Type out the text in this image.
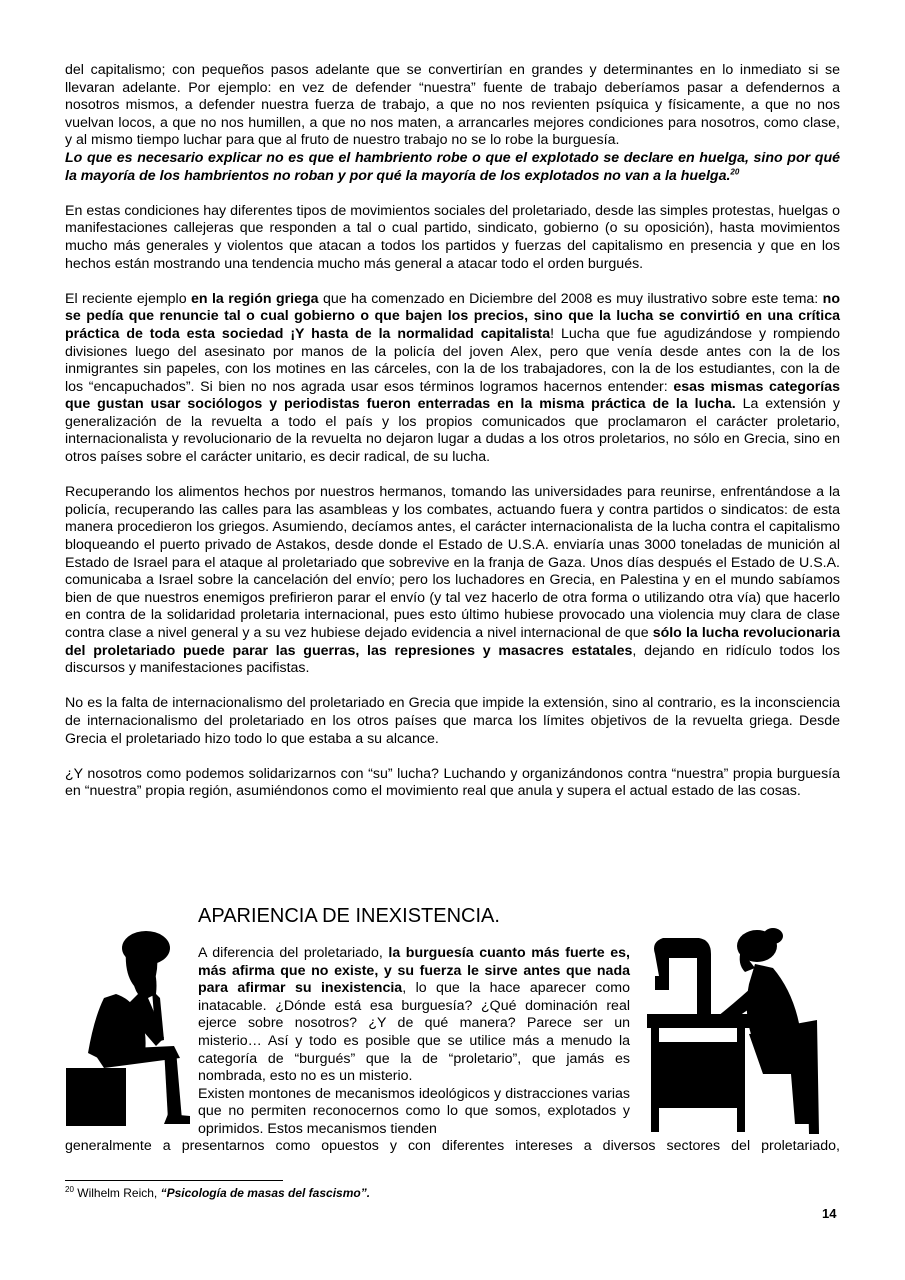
del capitalismo; con pequeños pasos adelante que se convertirían en grandes y determinantes en lo inmediato si se llevaran adelante. Por ejemplo: en vez de defender “nuestra” fuente de trabajo deberíamos pasar a defendernos a nosotros mismos, a defender nuestra fuerza de trabajo, a que no nos revienten psíquica y físicamente, a que no nos vuelvan locos, a que no nos humillen, a que no nos maten, a arrancarles mejores condiciones para nosotros, como clase, y al mismo tiempo luchar para que al fruto de nuestro trabajo no se lo robe la burguesía.

Lo que es necesario explicar no es que el hambriento robe o que el explotado se declare en huelga, sino por qué la mayoría de los hambrientos no roban y por qué la mayoría de los explotados no van a la huelga.$^{20}$

En estas condiciones hay diferentes tipos de movimientos sociales del proletariado, desde las simples protestas, huelgas o manifestaciones callejeras que responden a tal o cual partido, sindicato, gobierno (o su oposición), hasta movimientos mucho más generales y violentos que atacan a todos los partidos y fuerzas del capitalismo en presencia y que en los hechos están mostrando una tendencia mucho más general a atacar todo el orden burgués.

El reciente ejemplo en la región griega que ha comenzado en Diciembre del 2008 es muy ilustrativo sobre este tema: no se pedía que renuncie tal o cual gobierno o que bajen los precios, sino que la lucha se convirtió en una crítica práctica de toda esta sociedad ¡Y hasta de la normalidad capitalista! Lucha que fue agudizándose y rompiendo divisiones luego del asesinato por manos de la policía del joven Alex, pero que venía desde antes con la de los inmigrantes sin papeles, con los motines en las cárceles, con la de los trabajadores, con la de los estudiantes, con la de los “encapuchados”. Si bien no nos agrada usar esos términos logramos hacernos entender: esas mismas categorías que gustan usar sociólogos y periodistas fueron enterradas en la misma práctica de la lucha. La extensión y generalización de la revuelta a todo el país y los propios comunicados que proclamaron el carácter proletario, internacionalista y revolucionario de la revuelta no dejaron lugar a dudas a los otros proletarios, no sólo en Grecia, sino en otros países sobre el carácter unitario, es decir radical, de su lucha.

Recuperando los alimentos hechos por nuestros hermanos, tomando las universidades para reunirse, enfrentándose a la policía, recuperando las calles para las asambleas y los combates, actuando fuera y contra partidos o sindicatos: de esta manera procedieron los griegos. Asumiendo, decíamos antes, el carácter internacionalista de la lucha contra el capitalismo bloqueando el puerto privado de Astakos, desde donde el Estado de U.S.A. enviaría unas 3000 toneladas de munición al Estado de Israel para el ataque al proletariado que sobrevive en la franja de Gaza. Unos días después el Estado de U.S.A. comunicaba a Israel sobre la cancelación del envío; pero los luchadores en Grecia, en Palestina y en el mundo sabíamos bien de que nuestros enemigos prefirieron parar el envío (y tal vez hacerlo de otra forma o utilizando otra vía) que hacerlo en contra de la solidaridad proletaria internacional, pues esto último hubiese provocado una violencia muy clara de clase contra clase a nivel general y a su vez hubiese dejado evidencia a nivel internacional de que sólo la lucha revolucionaria del proletariado puede parar las guerras, las represiones y masacres estatales, dejando en ridículo todos los discursos y manifestaciones pacifistas.

No es la falta de internacionalismo del proletariado en Grecia que impide la extensión, sino al contrario, es la inconsciencia de internacionalismo del proletariado en los otros países que marca los límites objetivos de la revuelta griega. Desde Grecia el proletariado hizo todo lo que estaba a su alcance.

¿Y nosotros como podemos solidarizarnos con “su” lucha? Luchando y organizándonos contra “nuestra” propia burguesía en “nuestra” propia región, asumiéndonos como el movimiento real que anula y supera el actual estado de las cosas.

APARIENCIA DE INEXISTENCIA.

A diferencia del proletariado, la burguesía cuanto más fuerte es, más afirma que no existe, y su fuerza le sirve antes que nada para afirmar su inexistencia, lo que la hace aparecer como inatacable. ¿Dónde está esa burguesía? ¿Qué dominación real ejerce sobre nosotros? ¿Y de qué manera? Parece ser un misterio… Así y todo es posible que se utilice más a menudo la categoría de “burgués” que la de “proletario”, que jamás es nombrada, esto no es un misterio.

Existen montones de mecanismos ideológicos y distracciones varias que no permiten reconocernos como lo que somos, explotados y oprimidos. Estos mecanismos tienden

generalmente a presentarnos como opuestos y con diferentes intereses a diversos sectores del proletariado,

$^{20}$ Wilhelm Reich, “Psicología de masas del fascismo”.
14
